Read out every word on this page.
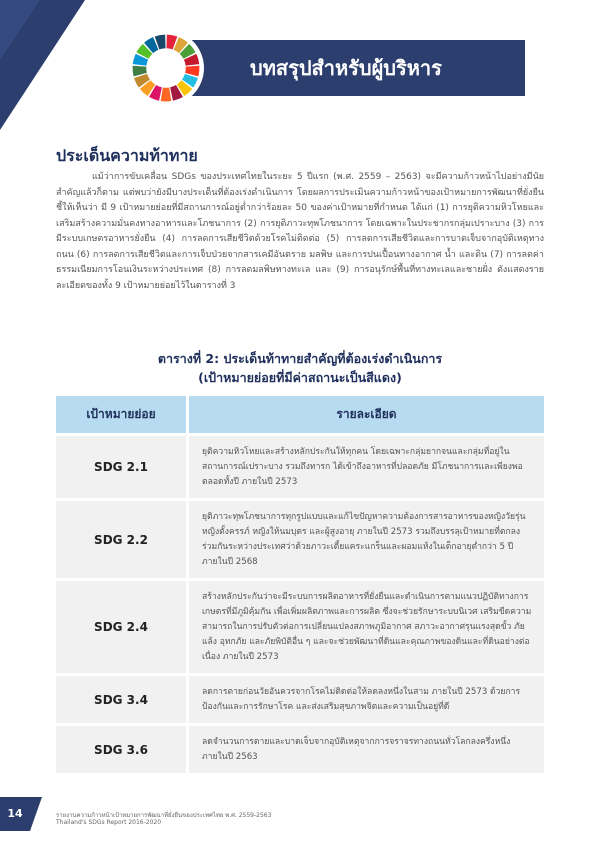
บทสรุปสำหรับผู้บริหาร
ประเด็นความท้าทาย
แม้ว่าการขับเคลื่อน SDGs ของประเทศไทยในระยะ 5 ปีแรก (พ.ศ. 2559 – 2563) จะมีความก้าวหน้าไปอย่างมีนัยสำคัญแล้วก็ตาม แต่พบว่ายังมีบางประเด็นที่ต้องเร่งดำเนินการ โดยผลการประเมินความก้าวหน้าของเป้าหมายการพัฒนาที่ยั่งยืน ชี้ให้เห็นว่า มี 9 เป้าหมายย่อยที่มีสถานการณ์อยู่ต่ำกว่าร้อยละ 50 ของค่าเป้าหมายที่กำหนด ได้แก่ (1) การยุติความหิวโหยและเสริมสร้างความมั่นคงทางอาหารและโภชนาการ (2) การยุติภาวะทุพโภชนาการ โดยเฉพาะในประชากรกลุ่มเปราะบาง (3) การมีระบบเกษตรอาหารยั่งยืน (4) การลดการเสียชีวิตด้วยโรคไม่ติดต่อ (5) การลดการเสียชีวิตและการบาดเจ็บจากอุบัติเหตุทางถนน (6) การลดการเสียชีวิตและการเจ็บป่วยจากสารเคมีอันตราย มลพิษ และการปนเปื้อนทางอากาศ น้ำ และดิน (7) การลดค่าธรรมเนียมการโอนเงินระหว่างประเทศ (8) การลดมลพิษทางทะเล และ (9) การอนุรักษ์พื้นที่ทางทะเลและชายฝั่ง ดังแสดงรายละเอียดของทั้ง 9 เป้าหมายย่อยไว้ในตารางที่ 3
ตารางที่ 2: ประเด็นท้าทายสำคัญที่ต้องเร่งดำเนินการ
(เป้าหมายย่อยที่มีค่าสถานะเป็นสีแดง)
เป้าหมายย่อย	รายละเอียด
SDG 2.1	ยุติความหิวโหยและสร้างหลักประกันให้ทุกคน โดยเฉพาะกลุ่มยากจนและกลุ่มที่อยู่ในสถานการณ์เปราะบาง รวมถึงทารก ได้เข้าถึงอาหารที่ปลอดภัย มีโภชนาการและเพียงพอตลอดทั้งปี ภายในปี 2573
SDG 2.2	ยุติภาวะทุพโภชนาการทุกรูปแบบและแก้ไขปัญหาความต้องการสารอาหารของหญิงวัยรุ่น หญิงตั้งครรภ์ หญิงให้นมบุตร และผู้สูงอายุ ภายในปี 2573 รวมถึงบรรลุเป้าหมายที่ตกลงร่วมกันระหว่างประเทศว่าด้วยภาวะเตี้ยแคระแกร็นและผอมแห้งในเด็กอายุต่ำกว่า 5 ปี ภายในปี 2568
SDG 2.4	สร้างหลักประกันว่าจะมีระบบการผลิตอาหารที่ยั่งยืนและดำเนินการตามแนวปฏิบัติทางการเกษตรที่มีภูมิคุ้มกัน เพื่อเพิ่มผลิตภาพและการผลิต ซึ่งจะช่วยรักษาระบบนิเวศ เสริมขีดความสามารถในการปรับตัวต่อการเปลี่ยนแปลงสภาพภูมิอากาศ สภาวะอากาศรุนแรงสุดขั้ว ภัยแล้ง อุทกภัย และภัยพิบัติอื่น ๆ และจะช่วยพัฒนาที่ดินและคุณภาพของดินและที่ดินอย่างต่อเนื่อง ภายในปี 2573
SDG 3.4	ลดการตายก่อนวัยอันควรจากโรคไม่ติดต่อให้ลดลงหนึ่งในสาม ภายในปี 2573 ด้วยการป้องกันและการรักษาโรค และส่งเสริมสุขภาพจิตและความเป็นอยู่ที่ดี
SDG 3.6	ลดจำนวนการตายและบาดเจ็บจากอุบัติเหตุจากการจราจรทางถนนทั่วโลกลงครึ่งหนึ่ง ภายในปี 2563
14	รายงานความก้าวหน้าเป้าหมายการพัฒนาที่ยั่งยืนของประเทศไทย พ.ศ. 2559-2563
Thailand's SDGs Report 2016-2020
